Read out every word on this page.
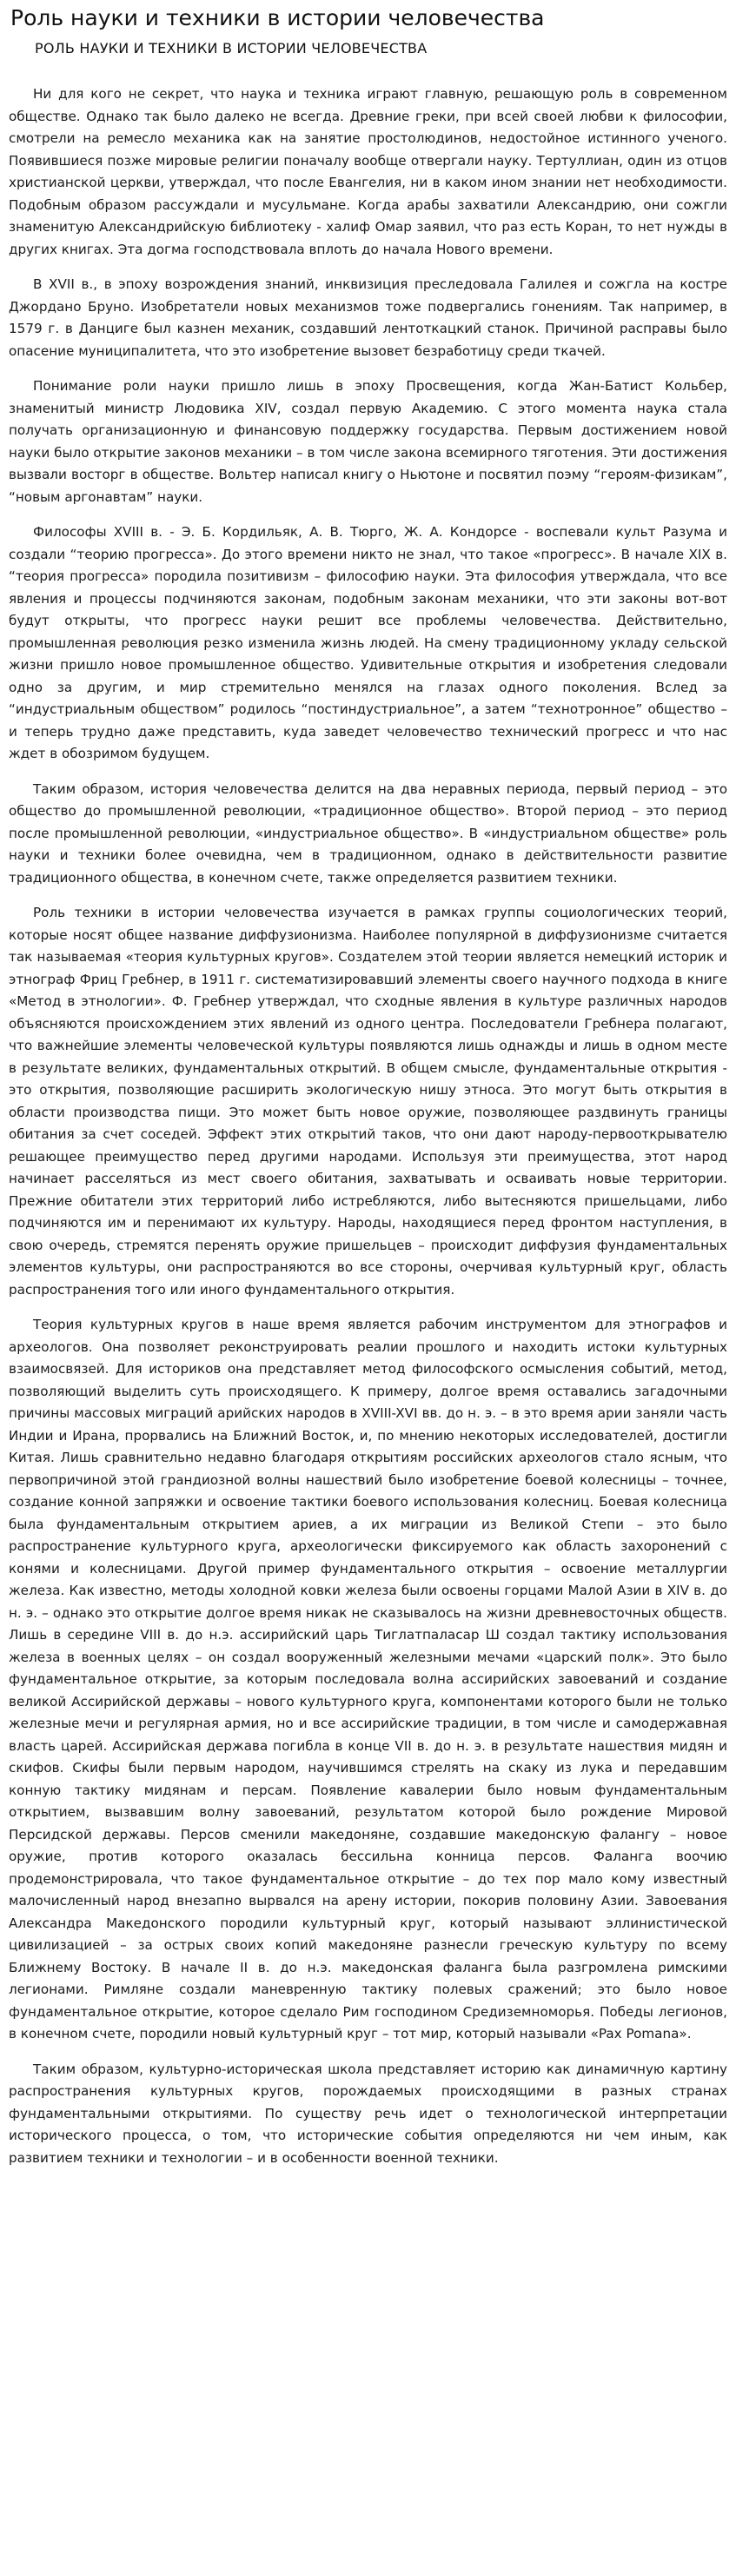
Роль науки и техники в истории человечества
РОЛЬ НАУКИ И ТЕХНИКИ В ИСТОРИИ ЧЕЛОВЕЧЕСТВА

Ни для кого не секрет, что наука и техника играют главную, решающую роль в современном обществе. Однако так было далеко не всегда. Древние греки, при всей своей любви к философии, смотрели на ремесло механика как на занятие простолюдинов, недостойное истинного ученого. Появившиеся позже мировые религии поначалу вообще отвергали науку. Тертуллиан, один из отцов христианской церкви, утверждал, что после Евангелия, ни в каком ином знании нет необходимости. Подобным образом рассуждали и мусульмане. Когда арабы захватили Александрию, они сожгли знаменитую Александрийскую библиотеку - халиф Омар заявил, что раз есть Коран, то нет нужды в других книгах. Эта догма господствовала вплоть до начала Нового времени.

В XVII в., в эпоху возрождения знаний, инквизиция преследовала Галилея и сожгла на костре Джордано Бруно. Изобретатели новых механизмов тоже подвергались гонениям. Так например, в 1579 г. в Данциге был казнен механик, создавший лентоткацкий станок. Причиной расправы было опасение муниципалитета, что это изобретение вызовет безработицу среди ткачей.

Понимание роли науки пришло лишь в эпоху Просвещения, когда Жан-Батист Кольбер, знаменитый министр Людовика XIV, создал первую Академию. С этого момента наука стала получать организационную и финансовую поддержку государства. Первым достижением новой науки было открытие законов механики – в том числе закона всемирного тяготения. Эти достижения вызвали восторг в обществе. Вольтер написал книгу о Ньютоне и посвятил поэму “героям-физикам”, “новым аргонавтам” науки.

Философы XVIII в. - Э. Б. Кордильяк, А. В. Тюрго, Ж. А. Кондорсе - воспевали культ Разума и создали “теорию прогресса». До этого времени никто не знал, что такое «прогресс». В начале XIX в. “теория прогресса» породила позитивизм – философию науки. Эта философия утверждала, что все явления и процессы подчиняются законам, подобным законам механики, что эти законы вот-вот будут открыты, что прогресс науки решит все проблемы человечества. Действительно, промышленная революция резко изменила жизнь людей. На смену традиционному укладу сельской жизни пришло новое промышленное общество. Удивительные открытия и изобретения следовали одно за другим, и мир стремительно менялся на глазах одного поколения. Вслед за “индустриальным обществом” родилось “постиндустриальное”, а затем “технотронное” общество – и теперь трудно даже представить, куда заведет человечество технический прогресс и что нас ждет в обозримом будущем.

Таким образом, история человечества делится на два неравных периода, первый период – это общество до промышленной революции, «традиционное общество». Второй период – это период после промышленной революции, «индустриальное общество». В «индустриальном обществе» роль науки и техники более очевидна, чем в традиционном, однако в действительности развитие традиционного общества, в конечном счете, также определяется развитием техники.

Роль техники в истории человечества изучается в рамках группы социологических теорий, которые носят общее название диффузионизма. Наиболее популярной в диффузионизме считается так называемая «теория культурных кругов». Создателем этой теории является немецкий историк и этнограф Фриц Гребнер, в 1911 г. систематизировавший элементы своего научного подхода в книге «Метод в этнологии». Ф. Гребнер утверждал, что сходные явления в культуре различных народов объясняются происхождением этих явлений из одного центра. Последователи Гребнера полагают, что важнейшие элементы человеческой культуры появляются лишь однажды и лишь в одном месте в результате великих, фундаментальных открытий. В общем смысле, фундаментальные открытия - это открытия, позволяющие расширить экологическую нишу этноса. Это могут быть открытия в области производства пищи. Это может быть новое оружие, позволяющее раздвинуть границы обитания за счет соседей. Эффект этих открытий таков, что они дают народу-первооткрывателю решающее преимущество перед другими народами. Используя эти преимущества, этот народ начинает расселяться из мест своего обитания, захватывать и осваивать новые территории. Прежние обитатели этих территорий либо истребляются, либо вытесняются пришельцами, либо подчиняются им и перенимают их культуру. Народы, находящиеся перед фронтом наступления, в свою очередь, стремятся перенять оружие пришельцев – происходит диффузия фундаментальных элементов культуры, они распространяются во все стороны, очерчивая культурный круг, область распространения того или иного фундаментального открытия.

Теория культурных кругов в наше время является рабочим инструментом для этнографов и археологов. Она позволяет реконструировать реалии прошлого и находить истоки культурных взаимосвязей. Для историков она представляет метод философского осмысления событий, метод, позволяющий выделить суть происходящего. К примеру, долгое время оставались загадочными причины массовых миграций арийских народов в XVIII-XVI вв. до н. э. – в это время арии заняли часть Индии и Ирана, прорвались на Ближний Восток, и, по мнению некоторых исследователей, достигли Китая. Лишь сравнительно недавно благодаря открытиям российских археологов стало ясным, что первопричиной этой грандиозной волны нашествий было изобретение боевой колесницы – точнее, создание конной запряжки и освоение тактики боевого использования колесниц. Боевая колесница была фундаментальным открытием ариев, а их миграции из Великой Степи – это было распространение культурного круга, археологически фиксируемого как область захоронений с конями и колесницами. Другой пример фундаментального открытия – освоение металлургии железа. Как известно, методы холодной ковки железа были освоены горцами Малой Азии в XIV в. до н. э. – однако это открытие долгое время никак не сказывалось на жизни древневосточных обществ. Лишь в середине VIII в. до н.э. ассирийский царь Тиглатпаласар Ш создал тактику использования железа в военных целях – он создал вооруженный железными мечами «царский полк». Это было фундаментальное открытие, за которым последовала волна ассирийских завоеваний и создание великой Ассирийской державы – нового культурного круга, компонентами которого были не только железные мечи и регулярная армия, но и все ассирийские традиции, в том числе и самодержавная власть царей. Ассирийская держава погибла в конце VII в. до н. э. в результате нашествия мидян и скифов. Скифы были первым народом, научившимся стрелять на скаку из лука и передавшим конную тактику мидянам и персам. Появление кавалерии было новым фундаментальным открытием, вызвавшим волну завоеваний, результатом которой было рождение Мировой Персидской державы. Персов сменили македоняне, создавшие македонскую фалангу – новое оружие, против которого оказалась бессильна конница персов. Фаланга воочию продемонстрировала, что такое фундаментальное открытие – до тех пор мало кому известный малочисленный народ внезапно вырвался на арену истории, покорив половину Азии. Завоевания Александра Македонского породили культурный круг, который называют эллинистической цивилизацией – за острых своих копий македоняне разнесли греческую культуру по всему Ближнему Востоку. В начале II в. до н.э. македонская фаланга была разгромлена римскими легионами. Римляне создали маневренную тактику полевых сражений; это было новое фундаментальное открытие, которое сделало Рим господином Средиземноморья. Победы легионов, в конечном счете, породили новый культурный круг – тот мир, который называли «Pax Pomana».

Таким образом, культурно-историческая школа представляет историю как динамичную картину распространения культурных кругов, порождаемых происходящими в разных странах фундаментальными открытиями. По существу речь идет о технологической интерпретации исторического процесса, о том, что исторические события определяются ни чем иным, как развитием техники и технологии – и в особенности военной техники.
